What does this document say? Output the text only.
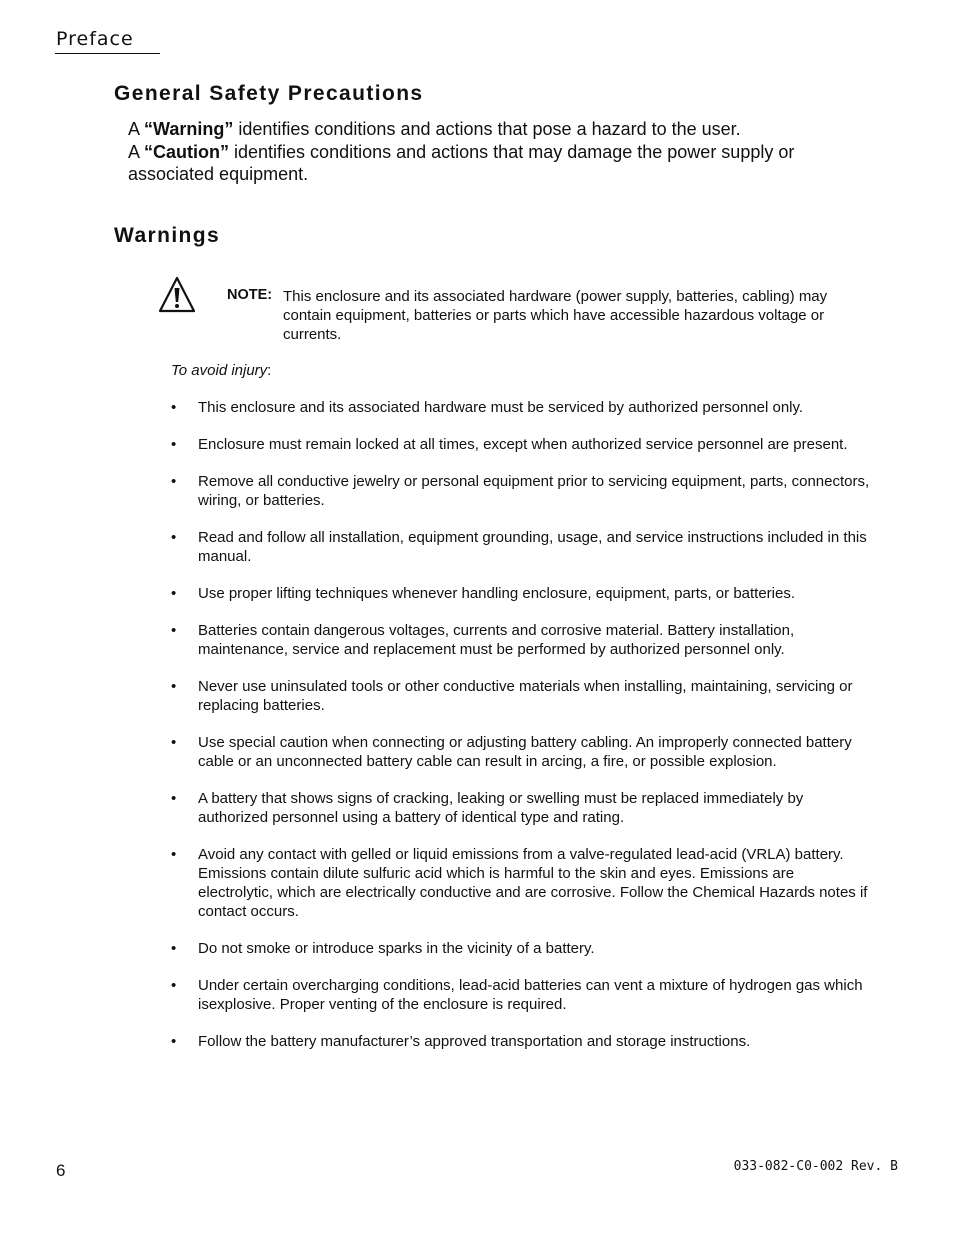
Preface
General Safety Precautions
A “Warning” identifies conditions and actions that pose a hazard to the user.
A “Caution” identifies conditions and actions that may damage the power supply or associated equipment.
Warnings
NOTE: This enclosure and its associated hardware (power supply, batteries, cabling) may contain equipment, batteries or parts which have accessible hazardous voltage or currents.
To avoid injury:
• This enclosure and its associated hardware must be serviced by authorized personnel only.
• Enclosure must remain locked at all times, except when authorized service personnel are present.
• Remove all conductive jewelry or personal equipment prior to servicing equipment, parts, connectors, wiring, or batteries.
• Read and follow all installation, equipment grounding, usage, and service instructions included in this manual.
• Use proper lifting techniques whenever handling enclosure, equipment, parts, or batteries.
• Batteries contain dangerous voltages, currents and corrosive material. Battery installation, maintenance, service and replacement must be performed by authorized personnel only.
• Never use uninsulated tools or other conductive materials when installing, maintaining, servicing or replacing batteries.
• Use special caution when connecting or adjusting battery cabling. An improperly connected battery cable or an unconnected battery cable can result in arcing, a fire, or possible explosion.
• A battery that shows signs of cracking, leaking or swelling must be replaced immediately by authorized personnel using a battery of identical type and rating.
• Avoid any contact with gelled or liquid emissions from a valve-regulated lead-acid (VRLA) battery. Emissions contain dilute sulfuric acid which is harmful to the skin and eyes. Emissions are electrolytic, which are electrically conductive and are corrosive. Follow the Chemical Hazards notes if contact occurs.
• Do not smoke or introduce sparks in the vicinity of a battery.
• Under certain overcharging conditions, lead-acid batteries can vent a mixture of hydrogen gas which isexplosive. Proper venting of the enclosure is required.
• Follow the battery manufacturer’s approved transportation and storage instructions.
6	033-082-C0-002 Rev. B
